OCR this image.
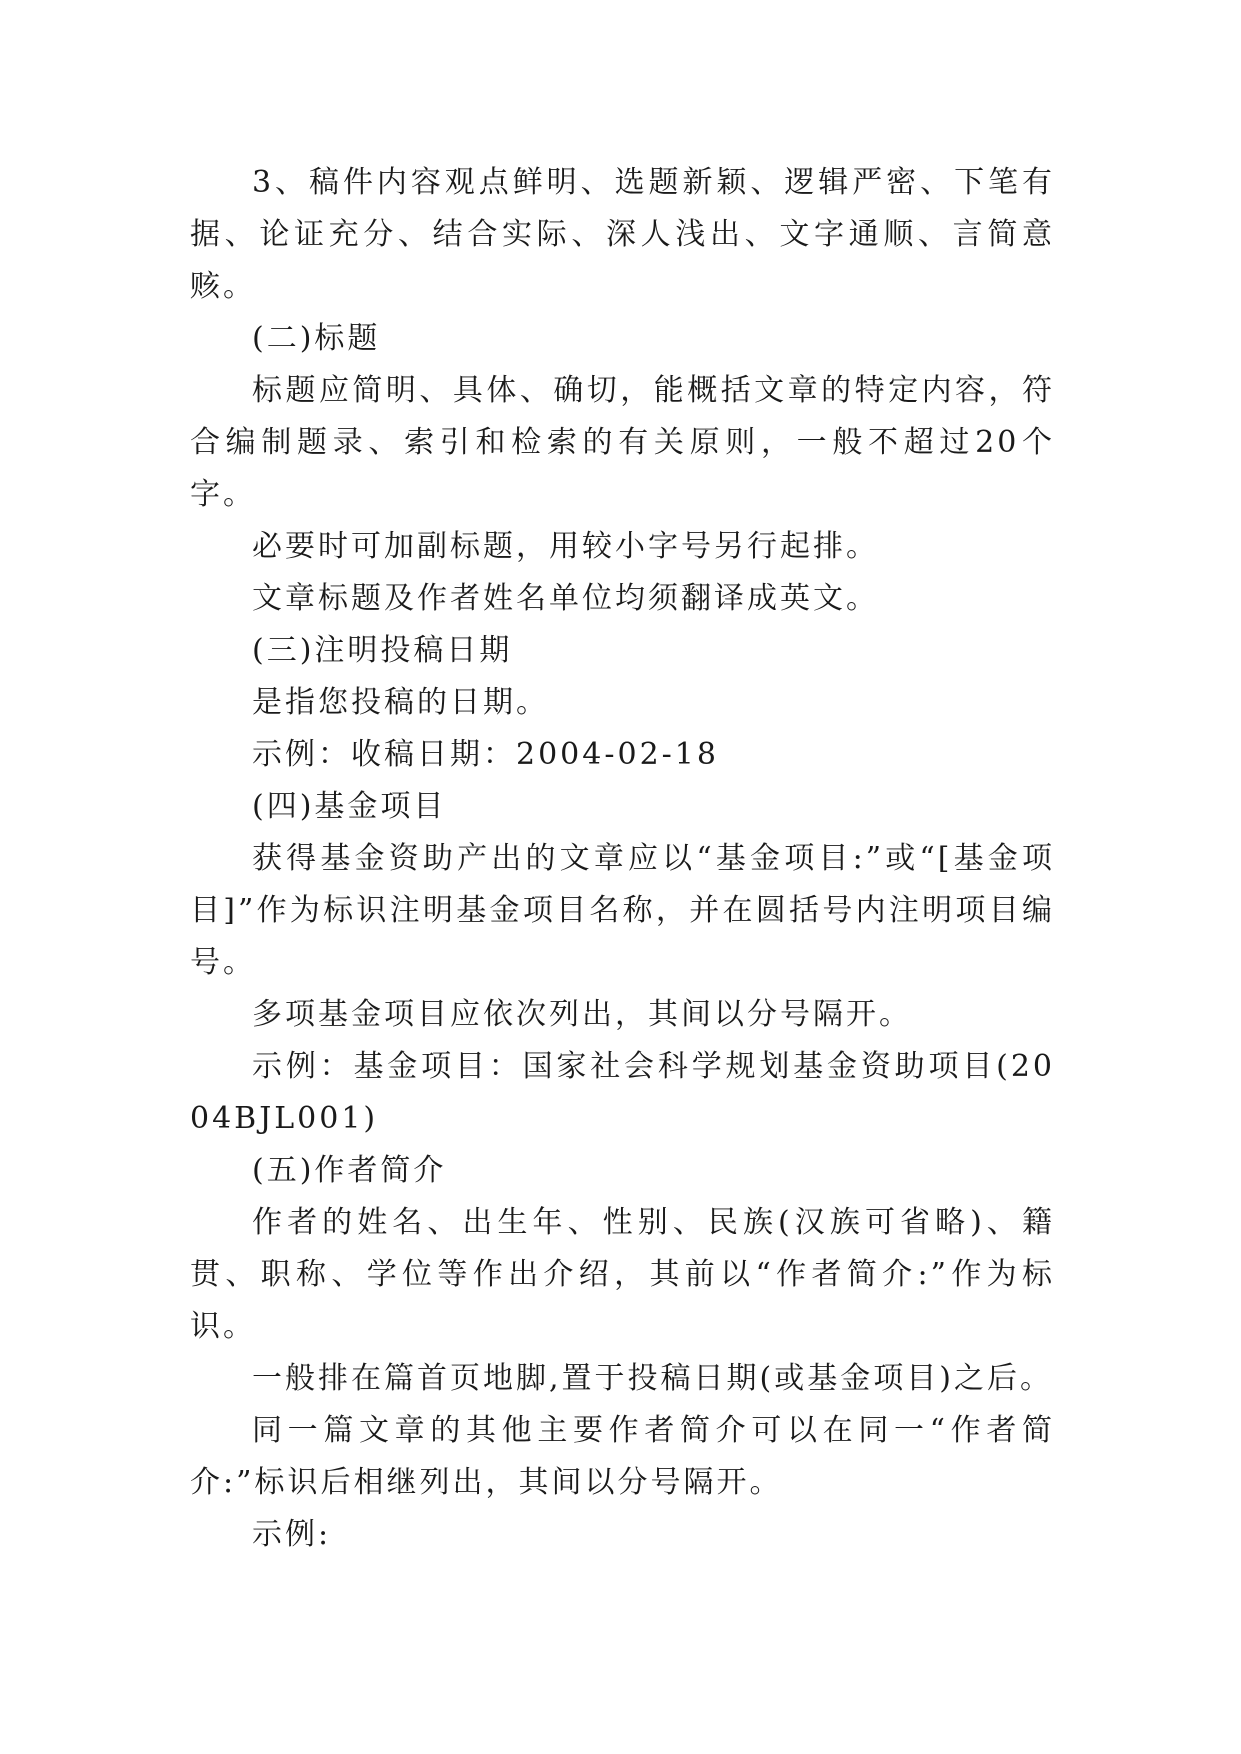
3、稿件内容观点鲜明、选题新颖、逻辑严密、下笔有据、论证充分、结合实际、深人浅出、文字通顺、言简意赅。

(二)标题

标题应简明、具体、确切，能概括文章的特定内容，符合编制题录、索引和检索的有关原则，一般不超过20个字。

必要时可加副标题，用较小字号另行起排。

文章标题及作者姓名单位均须翻译成英文。

(三)注明投稿日期

是指您投稿的日期。

示例：收稿日期：2004-02-18

(四)基金项目

获得基金资助产出的文章应以“基金项目:”或“[基金项目]”作为标识注明基金项目名称，并在圆括号内注明项目编号。

多项基金项目应依次列出，其间以分号隔开。

示例：基金项目：国家社会科学规划基金资助项目(2004BJL001)

(五)作者简介

作者的姓名、出生年、性别、民族(汉族可省略)、籍贯、职称、学位等作出介绍，其前以“作者简介:”作为标识。

一般排在篇首页地脚,置于投稿日期(或基金项目)之后。

同一篇文章的其他主要作者简介可以在同一“作者简介:”标识后相继列出，其间以分号隔开。

示例:
